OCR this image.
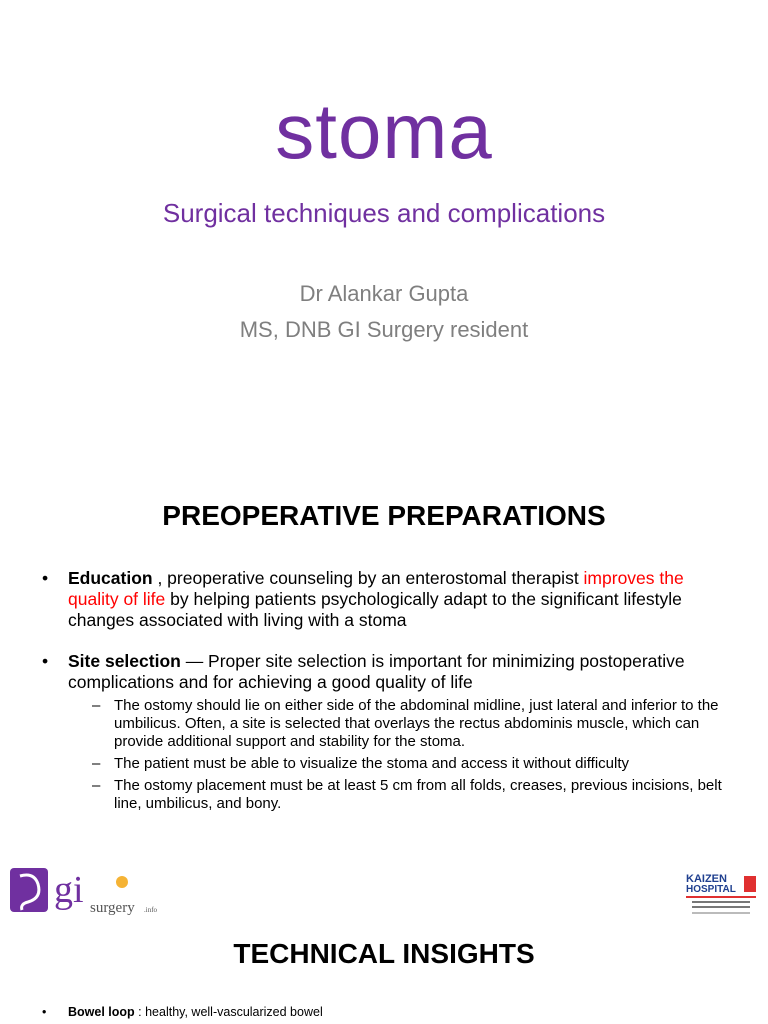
stoma
Surgical techniques and complications
Dr Alankar Gupta
MS, DNB GI Surgery resident
PREOPERATIVE PREPARATIONS
• Education , preoperative counseling by an enterostomal therapist improves the quality of life by helping patients psychologically adapt to the significant lifestyle changes associated with living with a stoma
• Site selection — Proper site selection is important for minimizing postoperative complications and for achieving a good quality of life
– The ostomy should lie on either side of the abdominal midline, just lateral and inferior to the umbilicus. Often, a site is selected that overlays the rectus abdominis muscle, which can provide additional support and stability for the stoma.
– The patient must be able to visualize the stoma and access it without difficulty
– The ostomy placement must be at least 5 cm from all folds, creases, previous incisions, belt line, umbilicus, and bony.
gi surgery .info
KAIZEN
HOSPITAL
TECHNICAL INSIGHTS
• Bowel loop : healthy, well-vascularized bowel
